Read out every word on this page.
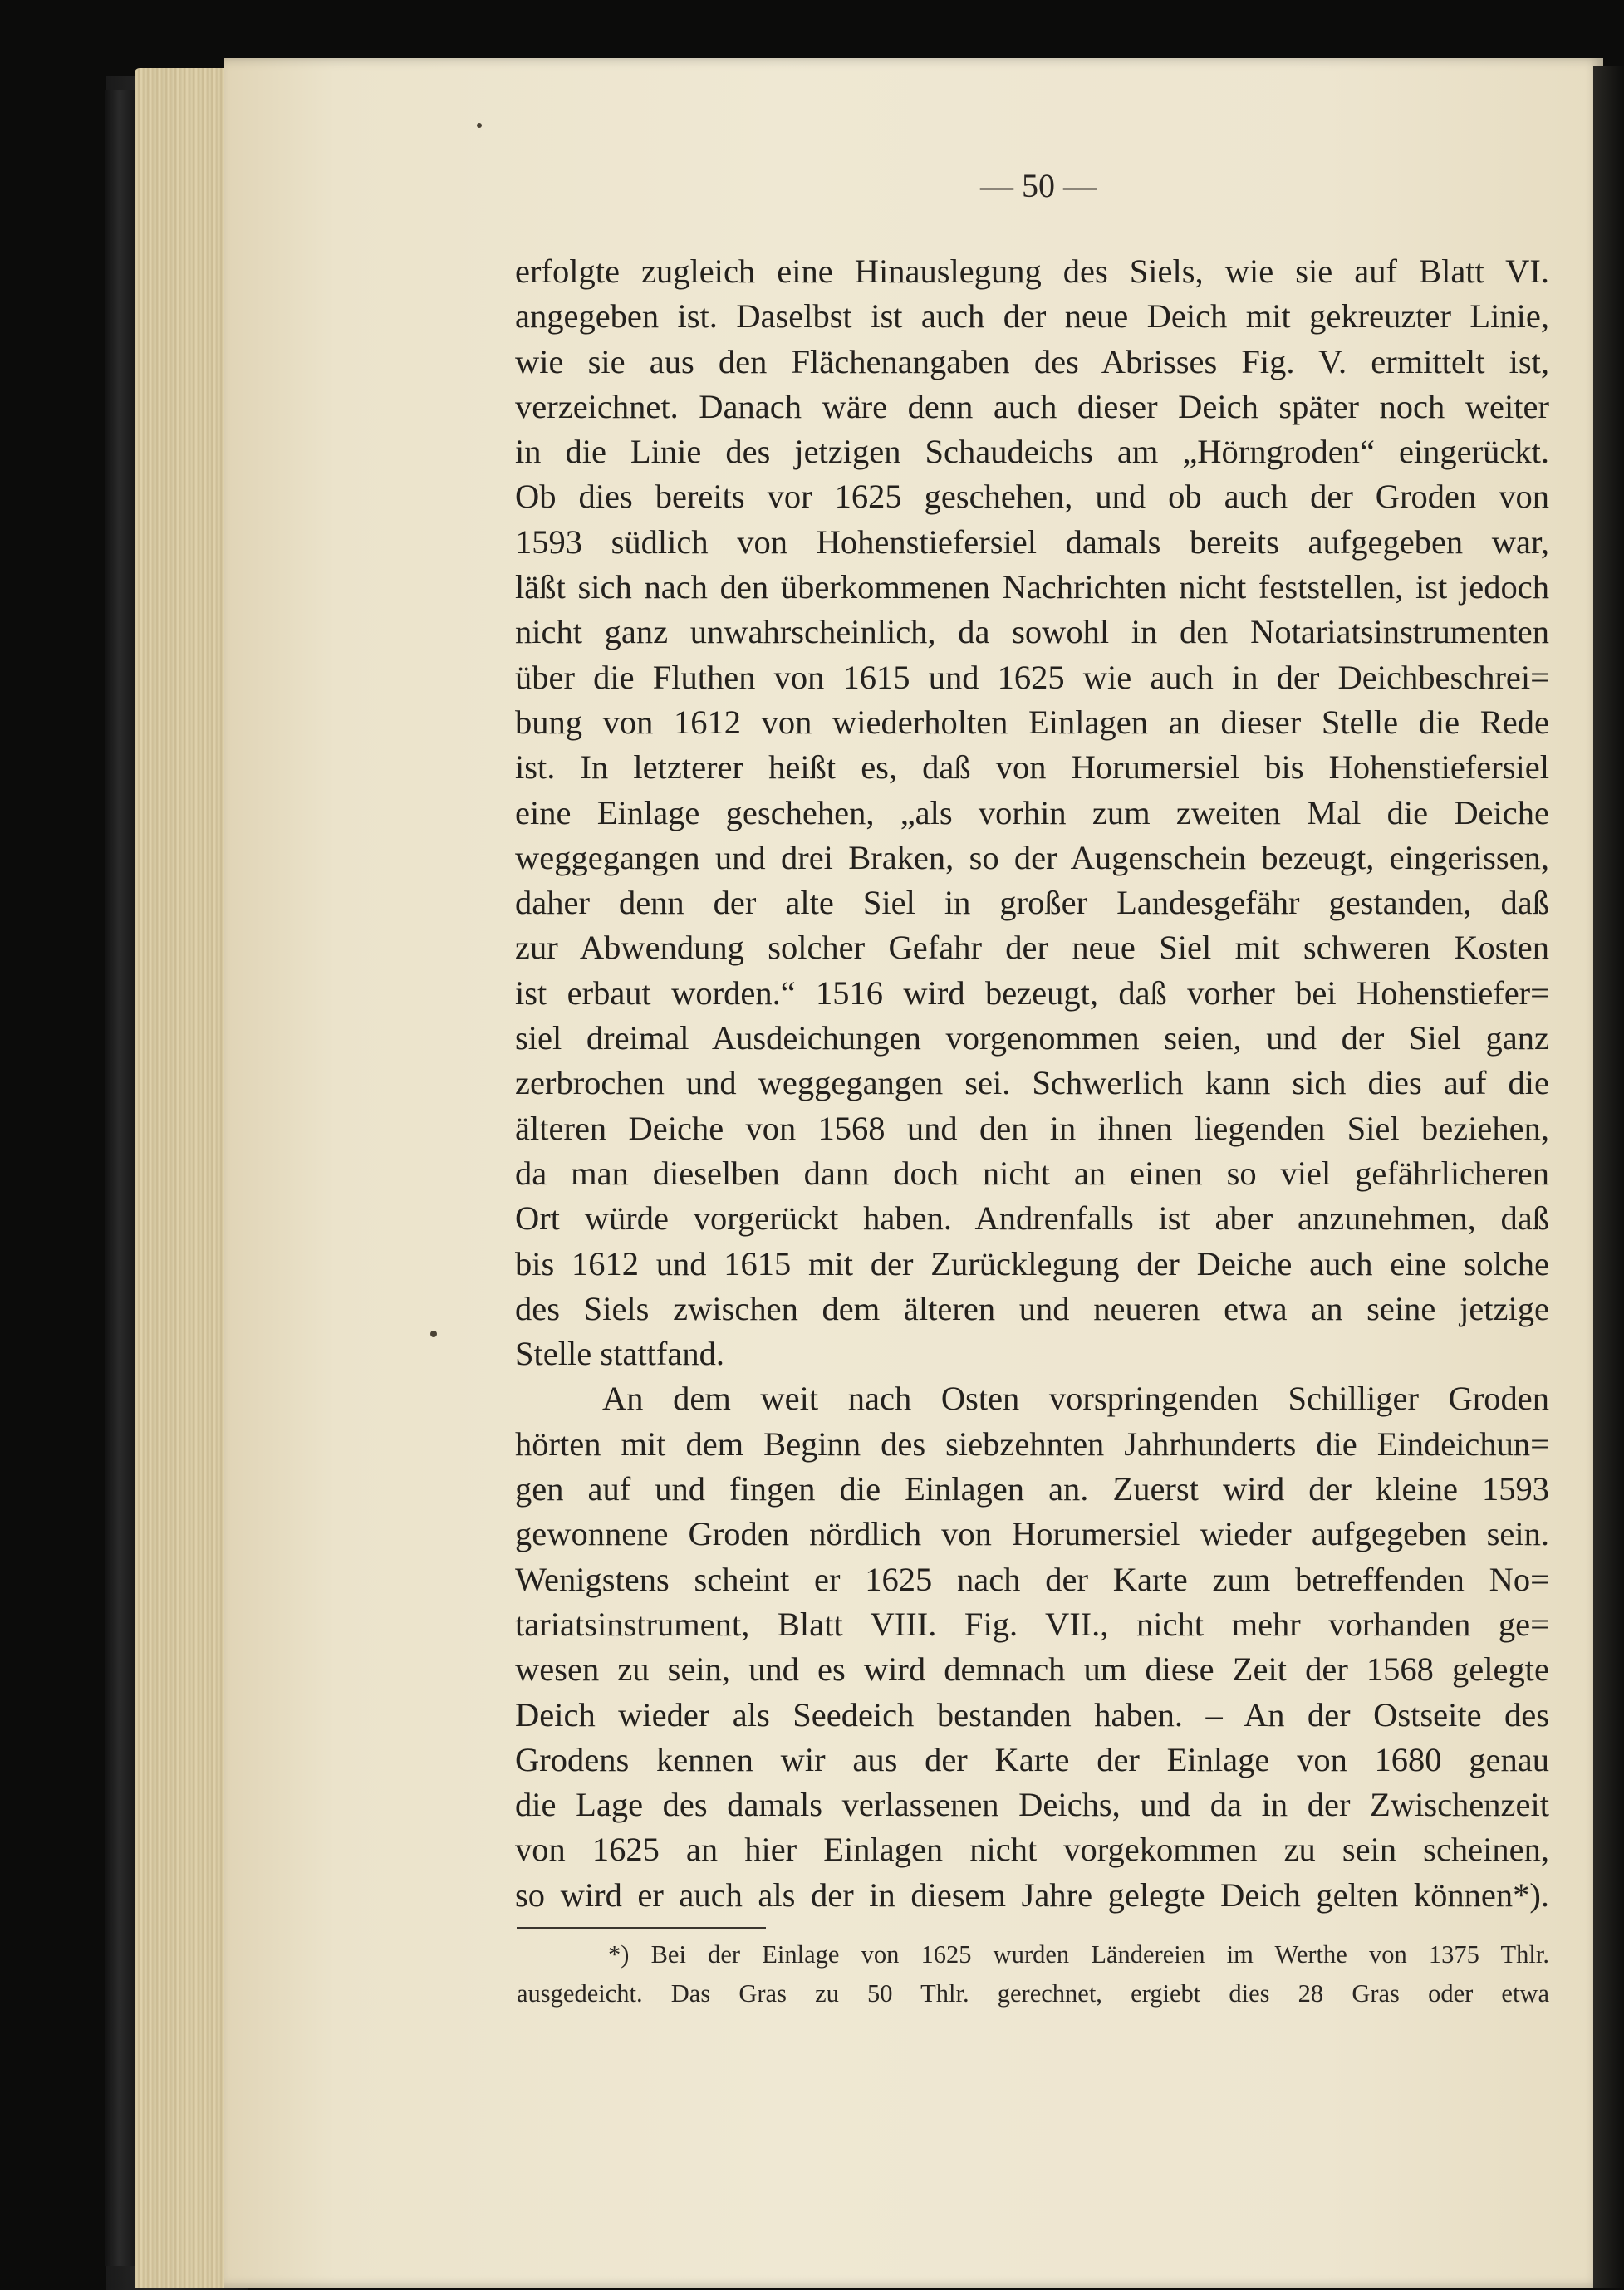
— 50 —
erfolgte zugleich eine Hinauslegung des Siels, wie sie auf Blatt VI.
angegeben ist. Daselbst ist auch der neue Deich mit gekreuzter Linie,
wie sie aus den Flächenangaben des Abrisses Fig. V. ermittelt ist,
verzeichnet. Danach wäre denn auch dieser Deich später noch weiter
in die Linie des jetzigen Schaudeichs am „Hörngroden“ eingerückt.
Ob dies bereits vor 1625 geschehen, und ob auch der Groden von
1593 südlich von Hohenstiefersiel damals bereits aufgegeben war,
läßt sich nach den überkommenen Nachrichten nicht feststellen, ist jedoch
nicht ganz unwahrscheinlich, da sowohl in den Notariatsinstrumenten
über die Fluthen von 1615 und 1625 wie auch in der Deichbeschrei=
bung von 1612 von wiederholten Einlagen an dieser Stelle die Rede
ist. In letzterer heißt es, daß von Horumersiel bis Hohenstiefersiel
eine Einlage geschehen, „als vorhin zum zweiten Mal die Deiche
weggegangen und drei Braken, so der Augenschein bezeugt, eingerissen,
daher denn der alte Siel in großer Landesgefähr gestanden, daß
zur Abwendung solcher Gefahr der neue Siel mit schweren Kosten
ist erbaut worden.“ 1516 wird bezeugt, daß vorher bei Hohenstiefer=
siel dreimal Ausdeichungen vorgenommen seien, und der Siel ganz
zerbrochen und weggegangen sei. Schwerlich kann sich dies auf die
älteren Deiche von 1568 und den in ihnen liegenden Siel beziehen,
da man dieselben dann doch nicht an einen so viel gefährlicheren
Ort würde vorgerückt haben. Andrenfalls ist aber anzunehmen, daß
bis 1612 und 1615 mit der Zurücklegung der Deiche auch eine solche
des Siels zwischen dem älteren und neueren etwa an seine jetzige
Stelle stattfand.
An dem weit nach Osten vorspringenden Schilliger Groden
hörten mit dem Beginn des siebzehnten Jahrhunderts die Eindeichun=
gen auf und fingen die Einlagen an. Zuerst wird der kleine 1593
gewonnene Groden nördlich von Horumersiel wieder aufgegeben sein.
Wenigstens scheint er 1625 nach der Karte zum betreffenden No=
tariatsinstrument, Blatt VIII. Fig. VII., nicht mehr vorhanden ge=
wesen zu sein, und es wird demnach um diese Zeit der 1568 gelegte
Deich wieder als Seedeich bestanden haben. – An der Ostseite des
Grodens kennen wir aus der Karte der Einlage von 1680 genau
die Lage des damals verlassenen Deichs, und da in der Zwischenzeit
von 1625 an hier Einlagen nicht vorgekommen zu sein scheinen,
so wird er auch als der in diesem Jahre gelegte Deich gelten können*).
*) Bei der Einlage von 1625 wurden Ländereien im Werthe von 1375 Thlr.
ausgedeicht. Das Gras zu 50 Thlr. gerechnet, ergiebt dies 28 Gras oder etwa
